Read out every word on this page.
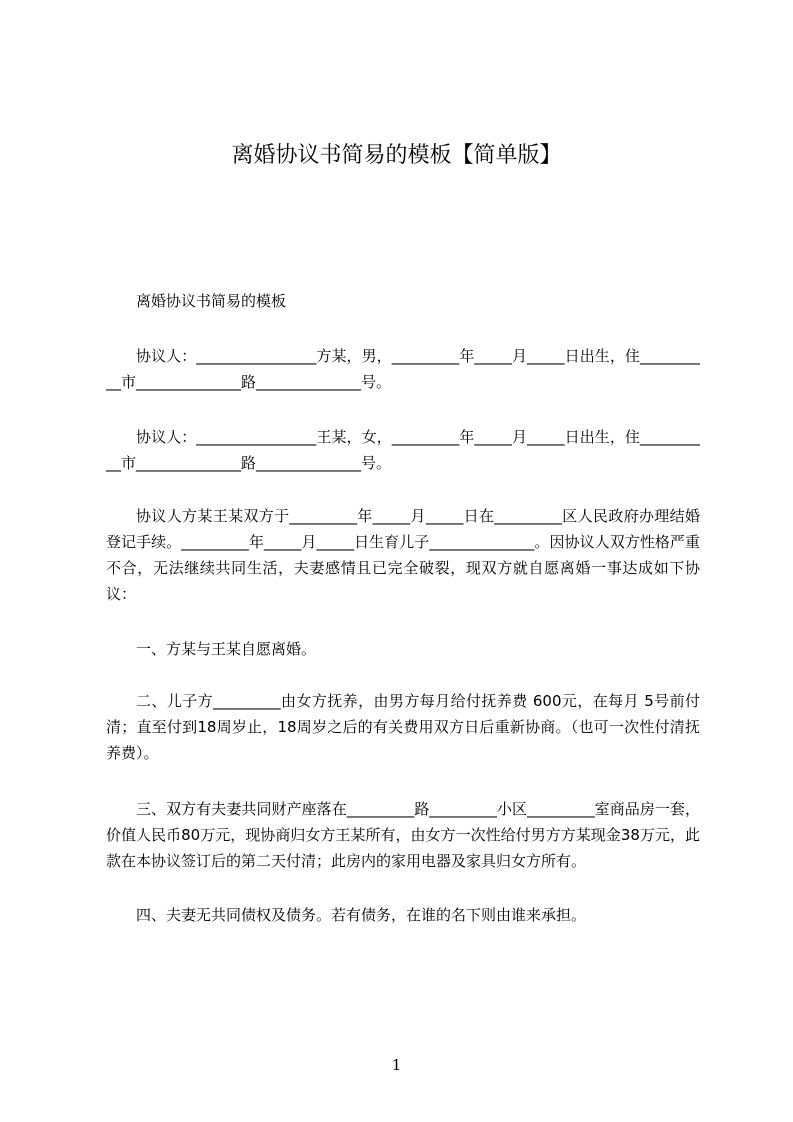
离婚协议书简易的模板【简单版】

离婚协议书简易的模板

协议人：________________方某，男，_________年_____月_____日出生，住__________市______________路______________号。

协议人：________________王某，女，_________年_____月_____日出生，住__________市______________路______________号。

协议人方某王某双方于_________年_____月_____日在_________区人民政府办理结婚登记手续。_________年_____月_____日生育儿子______________。因协议人双方性格严重不合，无法继续共同生活，夫妻感情且已完全破裂，现双方就自愿离婚一事达成如下协议：

一、方某与王某自愿离婚。

二、儿子方_________由女方抚养，由男方每月给付抚养费 600元，在每月 5号前付清；直至付到18周岁止，18周岁之后的有关费用双方日后重新协商。（也可一次性付清抚养费）。

三、双方有夫妻共同财产座落在_________路_________小区_________室商品房一套，价值人民币80万元，现协商归女方王某所有，由女方一次性给付男方方某现金38万元，此款在本协议签订后的第二天付清；此房内的家用电器及家具归女方所有。

四、夫妻无共同债权及债务。若有债务，在谁的名下则由谁来承担。

1
